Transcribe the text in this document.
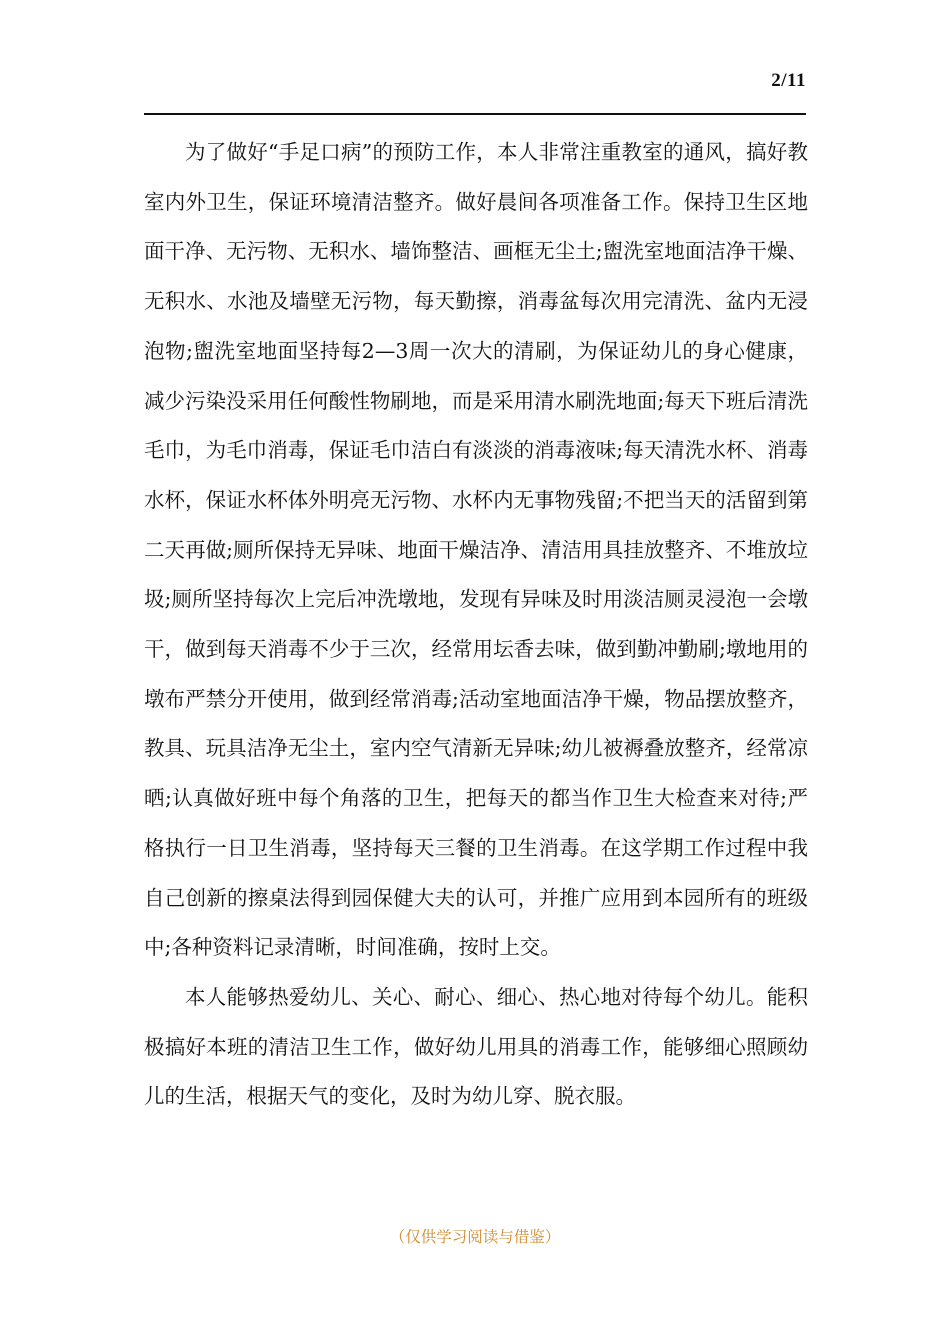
2/11

为了做好“手足口病”的预防工作，本人非常注重教室的通风，搞好教室内外卫生，保证环境清洁整齐。做好晨间各项准备工作。保持卫生区地面干净、无污物、无积水、墙饰整洁、画框无尘土;盥洗室地面洁净干燥、无积水、水池及墙壁无污物，每天勤擦，消毒盆每次用完清洗、盆内无浸泡物;盥洗室地面坚持每2—3周一次大的清刷，为保证幼儿的身心健康，减少污染没采用任何酸性物刷地，而是采用清水刷洗地面;每天下班后清洗毛巾，为毛巾消毒，保证毛巾洁白有淡淡的消毒液味;每天清洗水杯、消毒水杯，保证水杯体外明亮无污物、水杯内无事物残留;不把当天的活留到第二天再做;厕所保持无异味、地面干燥洁净、清洁用具挂放整齐、不堆放垃圾;厕所坚持每次上完后冲洗墩地，发现有异味及时用淡洁厕灵浸泡一会墩干，做到每天消毒不少于三次，经常用坛香去味，做到勤冲勤刷;墩地用的墩布严禁分开使用，做到经常消毒;活动室地面洁净干燥，物品摆放整齐，教具、玩具洁净无尘土，室内空气清新无异味;幼儿被褥叠放整齐，经常凉晒;认真做好班中每个角落的卫生，把每天的都当作卫生大检查来对待;严格执行一日卫生消毒，坚持每天三餐的卫生消毒。在这学期工作过程中我自己创新的擦桌法得到园保健大夫的认可，并推广应用到本园所有的班级中;各种资料记录清晰，时间准确，按时上交。

本人能够热爱幼儿、关心、耐心、细心、热心地对待每个幼儿。能积极搞好本班的清洁卫生工作，做好幼儿用具的消毒工作，能够细心照顾幼儿的生活，根据天气的变化，及时为幼儿穿、脱衣服。

（仅供学习阅读与借鉴）
